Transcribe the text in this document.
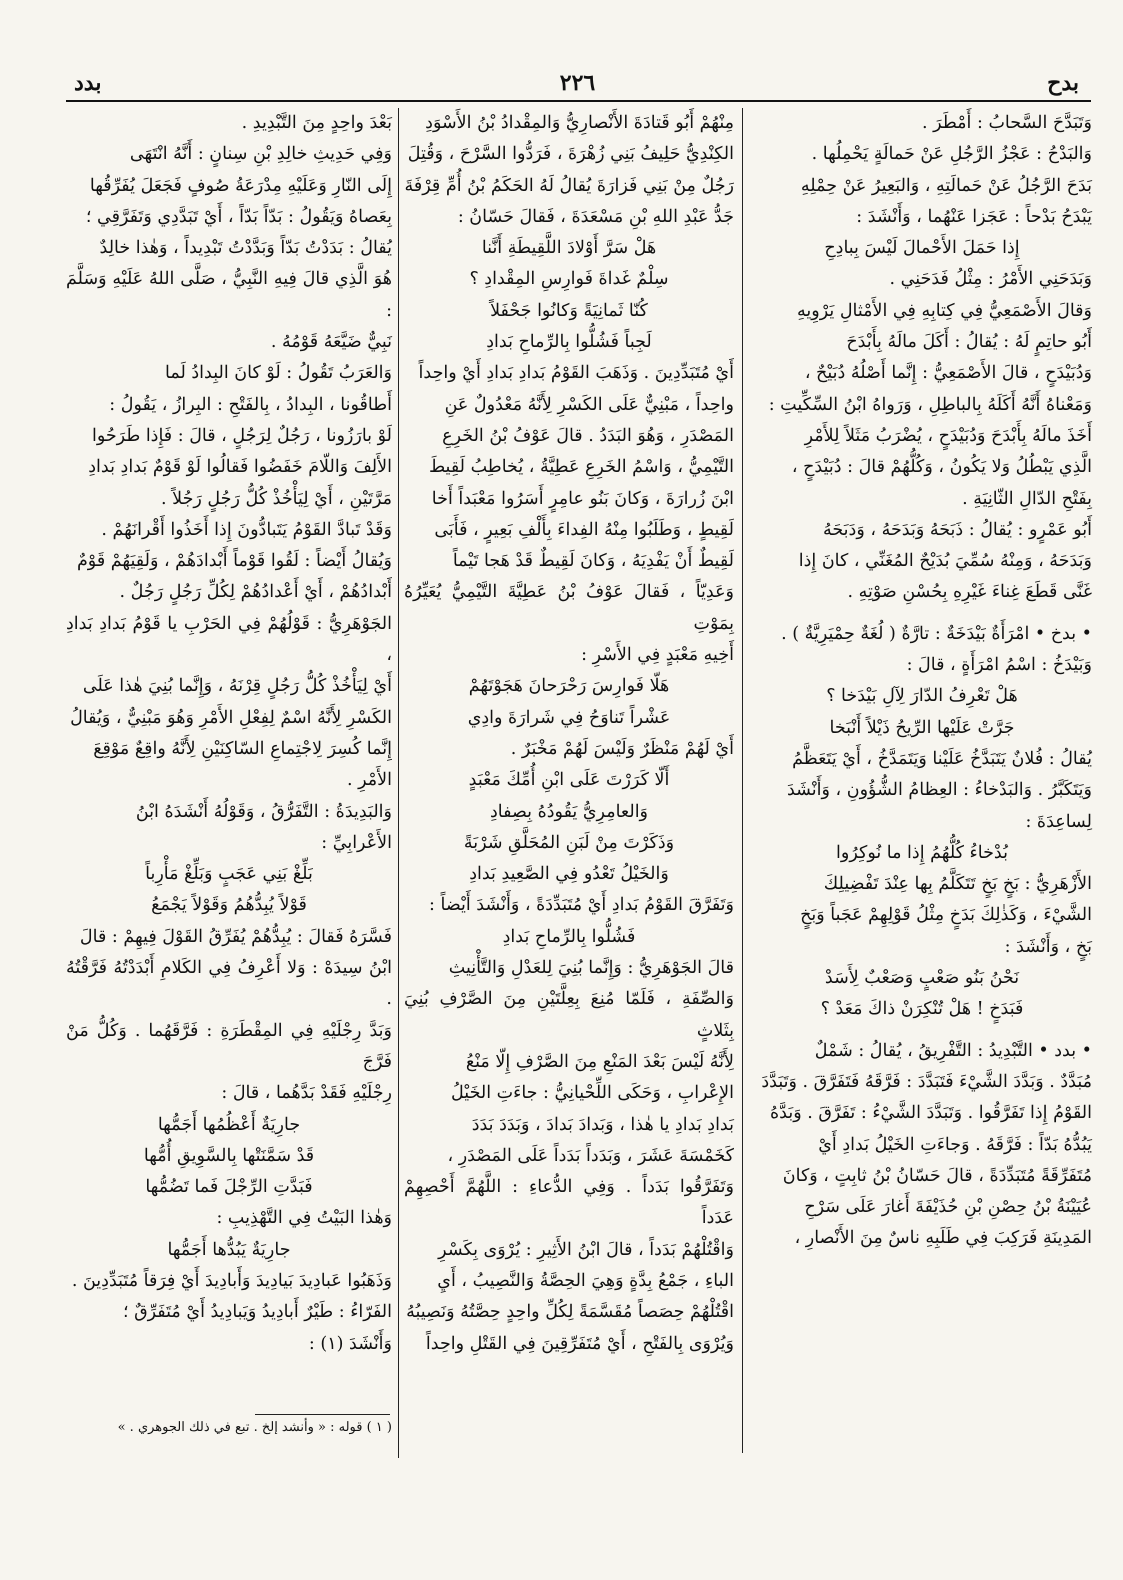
بدح
٢٢٦
بدد

وَتَبَدَّحَ السَّحابُ : أَمْطَرَ .

وَالبَدْحُ : عَجْزُ الرَّجُلِ عَنْ حَمالَةٍ يَحْمِلُها .

بَدَحَ الرَّجُلُ عَنْ حَمالَتِهِ ، وَالبَعِيرُ عَنْ حِمْلِهِ

يَبْدَحُ بَدْحاً : عَجَزا عَنْهُما ، وَأَنْشَدَ :

إِذا حَمَلَ الأَحْمالَ لَيْسَ بِبادِحِ

وَبَدَحَنِي الأَمْرُ : مِثْلُ فَدَحَنِي .

وَقالَ الأَصْمَعِيُّ فِي كِتابِهِ فِي الأَمْثالِ يَرْوِيهِ

أَبُو حاتِمٍ لَهُ : يُقالُ : أَكَلَ مالَهُ بِأَبْدَحَ

وَدُبَيْدَحٍ ، قالَ الأَصْمَعِيُّ : إِنَّما أَصْلُهُ دُبَيْحٌ ،

وَمَعْناهُ أَنَّهُ أَكَلَهُ بِالباطِلِ ، وَرَواهُ ابْنُ السِّكِّيتِ :

أَخَذَ مالَهُ بِأَبْدَحَ وَدُبَيْدَحٍ ، يُضْرَبُ مَثَلاً لِلأَمْرِ

الَّذِي يَبْطُلُ وَلا يَكُونُ ، وَكُلُّهُمْ قالَ : دُبَيْدَحٍ ،

بِفَتْحِ الدّالِ الثّانِيَةِ .

أَبُو عَمْرٍو : يُقالُ : ذَبَحَهُ وَبَدَحَهُ ، وَدَبَحَهُ

وَبَدَحَهُ ، وَمِنْهُ سُمِّيَ بُدَيْحٌ المُغَنِّي ، كانَ إِذا

غَنَّى قَطَعَ غِناءَ غَيْرِهِ بِحُسْنِ صَوْتِهِ .

• بدخ • امْرَأَةٌ بَيْدَخَةٌ : تارَّةٌ ( لُغَةٌ حِمْيَرِيَّةٌ ) .

وَبَيْدَخُ : اسْمُ امْرَأَةٍ ، قالَ :

هَلْ تَعْرِفُ الدّارَ لِآلِ بَيْدَخا ؟

جَرَّتْ عَلَيْها الرِّيحُ ذَيْلاً أَنْبَخا

يُقالُ : فُلانٌ يَتَبَدَّخُ عَلَيْنا وَيَتَمَدَّخُ ، أَيْ يَتَعَظَّمُ

وَيَتَكَبَّرُ . وَالبَدْخاءُ : العِظامُ الشُّؤُونِ ، وَأَنْشَدَ

لِساعِدَةَ :

بُدْخاءُ كُلُّهُمُ إِذا ما نُوكِرُوا

الأَزْهَرِيُّ : بَخٍ بَخٍ تَتَكَلَّمُ بِها عِنْدَ تَفْضِيلِكَ

الشَّيْءَ ، وَكَذٰلِكَ بَدَخٍ مِثْلُ قَوْلِهِمْ عَجَباً وَبَخٍ

بَخٍ ، وَأَنْشَدَ :

نَحْنُ بَنُو صَعْبٍ وَصَعْبٌ لِأَسَدْ

فَبَدَخٍ ! هَلْ تُنْكِرَنْ ذاكَ مَعَدْ ؟

• بدد • التَّبْدِيدُ : التَّفْرِيقُ ، يُقالُ : شَمْلٌ

مُبَدَّدٌ . وَبَدَّدَ الشَّيْءَ فَتَبَدَّدَ : فَرَّقَهُ فَتَفَرَّقَ . وَتَبَدَّدَ

القَوْمُ إِذا تَفَرَّقُوا . وَتَبَدَّدَ الشَّيْءُ : تَفَرَّقَ . وَبَدَّهُ

يَبُدُّهُ بَدّاً : فَرَّقَهُ . وَجاءَتِ الخَيْلُ بَدادِ أَيْ

مُتَفَرِّقَةً مُتَبَدِّدَةً ، قالَ حَسّانُ بْنُ ثابِتٍ ، وَكانَ

عُيَيْنَةُ بْنُ حِصْنِ بْنِ حُذَيْفَةَ أَغارَ عَلَى سَرْحِ

المَدِينَةِ فَرَكِبَ فِي طَلَبِهِ ناسٌ مِنَ الأَنْصارِ ،

مِنْهُمْ أَبُو قَتادَةَ الأَنْصارِيُّ وَالمِقْدادُ بْنُ الأَسْوَدِ

الكِنْدِيُّ حَلِيفُ بَنِي زُهْرَةَ ، فَرَدُّوا السَّرْحَ ، وَقُتِلَ

رَجُلٌ مِنْ بَنِي فَزارَةَ يُقالُ لَهُ الحَكَمُ بْنُ أُمِّ قِرْفَةَ

جَدُّ عَبْدِ اللهِ بْنِ مَسْعَدَةَ ، فَقالَ حَسّانُ :

هَلْ سَرَّ أَوْلادَ اللَّقِيطَةِ أَنَّنا

سِلْمٌ غَداةَ فَوارِسِ المِقْدادِ ؟

كُنّا ثَمانِيَةً وَكانُوا جَحْفَلاً

لَجِباً فَشُلُّوا بِالرِّماحِ بَدادِ

أَيْ مُتَبَدِّدِينَ . وَذَهَبَ القَوْمُ بَدادِ بَدادِ أَيْ واحِداً

واحِداً ، مَبْنِيٌّ عَلَى الكَسْرِ لِأَنَّهُ مَعْدُولٌ عَنِ

المَصْدَرِ ، وَهُوَ البَدَدُ . قالَ عَوْفُ بْنُ الخَرِعِ

التَّيْمِيُّ ، وَاسْمُ الخَرِعِ عَطِيَّةُ ، يُخاطِبُ لَقِيطَ

ابْنَ زُرارَةَ ، وَكانَ بَنُو عامِرٍ أَسَرُوا مَعْبَداً أَخا

لَقِيطٍ ، وَطَلَبُوا مِنْهُ الفِداءَ بِأَلْفِ بَعِيرٍ ، فَأَبَى

لَقِيطٌ أَنْ يَفْدِيَهُ ، وَكانَ لَقِيطٌ قَدْ هَجا تَيْماً

وَعَدِيّاً ، فَقالَ عَوْفُ بْنُ عَطِيَّةَ التَّيْمِيُّ يُعَيِّرُهُ بِمَوْتِ

أَخِيهِ مَعْبَدٍ فِي الأَسْرِ :

هَلّا فَوارِسَ رَحْرَحانَ هَجَوْتَهُمْ

عَشْراً تَناوَحُ فِي شَرارَةَ وادِي

أَيْ لَهُمْ مَنْظَرٌ وَلَيْسَ لَهُمْ مَخْبَرٌ .

أَلّا كَرَرْتَ عَلَى ابْنِ أُمِّكَ مَعْبَدٍ

وَالعامِرِيُّ يَقُودُهُ بِصِفادِ

وَذَكَرْتَ مِنْ لَبَنِ المُحَلَّقِ شَرْبَةً

وَالخَيْلُ تَعْدُو فِي الصَّعِيدِ بَدادِ

وَتَفَرَّقَ القَوْمُ بَدادِ أَيْ مُتَبَدِّدَةً ، وَأَنْشَدَ أَيْضاً :

فَشُلُّوا بِالرِّماحِ بَدادِ

قالَ الجَوْهَرِيُّ : وَإِنَّما بُنِيَ لِلعَدْلِ وَالتَّأْنِيثِ

وَالصِّفَةِ ، فَلَمّا مُنِعَ بِعِلَّتَيْنِ مِنَ الصَّرْفِ بُنِيَ بِثَلاثٍ

لِأَنَّهُ لَيْسَ بَعْدَ المَنْعِ مِنَ الصَّرْفِ إِلّا مَنْعُ

الإِعْرابِ ، وَحَكَى اللِّحْيانِيُّ : جاءَتِ الخَيْلُ

بَدادِ بَدادِ يا هٰذا ، وَبَدادَ بَدادَ ، وَبَدَدَ بَدَدَ

كَخَمْسَةَ عَشَرَ ، وَبَدَداً بَدَداً عَلَى المَصْدَرِ ،

وَتَفَرَّقُوا بَدَداً . وَفِي الدُّعاءِ : اللَّهُمَّ أَحْصِهِمْ عَدَداً

وَاقْتُلْهُمْ بَدَداً ، قالَ ابْنُ الأَثِيرِ : يُرْوَى بِكَسْرِ

الباءِ ، جَمْعُ بِدَّةٍ وَهِيَ الحِصَّةُ وَالنَّصِيبُ ، أَيِ

اقْتُلْهُمْ حِصَصاً مُقَسَّمَةً لِكُلِّ واحِدٍ حِصَّتُهُ وَنَصِيبُهُ

وَيُرْوَى بِالفَتْحِ ، أَيْ مُتَفَرِّقِينَ فِي القَتْلِ واحِداً

بَعْدَ واحِدٍ مِنَ التَّبْدِيدِ .

وَفِي حَدِيثِ خالِدِ بْنِ سِنانٍ : أَنَّهُ انْتَهَى

إِلَى النّارِ وَعَلَيْهِ مِدْرَعَةُ صُوفٍ فَجَعَلَ يُفَرِّقُها

بِعَصاهُ وَيَقُولُ : بَدّاً بَدّاً ، أَيْ تَبَدَّدِي وَتَفَرَّقِي ؛

يُقالُ : بَدَدْتُ بَدّاً وَبَدَّدْتُ تَبْدِيداً ، وَهٰذا خالِدٌ

هُوَ الَّذِي قالَ فِيهِ النَّبِيُّ ، صَلَّى اللهُ عَلَيْهِ وَسَلَّمَ :

نَبِيٌّ ضَيَّعَهُ قَوْمُهُ .

وَالعَرَبُ تَقُولُ : لَوْ كانَ البِدادُ لَما

أَطاقُونا ، البِدادُ ، بِالفَتْحِ : البِرازُ ، يَقُولُ :

لَوْ بارَزُونا ، رَجُلٌ لِرَجُلٍ ، قالَ : فَإِذا طَرَحُوا

الأَلِفَ وَاللّامَ خَفَضُوا فَقالُوا لَوْ قَوْمٌ بَدادِ بَدادِ

مَرَّتَيْنِ ، أَيْ لِيَأْخُذْ كُلُّ رَجُلٍ رَجُلاً .

وَقَدْ تَبادَّ القَوْمُ يَتَبادُّونَ إِذا أَخَذُوا أَقْرانَهُمْ .

وَيُقالُ أَيْضاً : لَقُوا قَوْماً أَبْدادَهُمْ ، وَلَقِيَهُمْ قَوْمٌ

أَبْدادُهُمْ ، أَيْ أَعْدادُهُمْ لِكُلِّ رَجُلٍ رَجُلٌ .

الجَوْهَرِيُّ : قَوْلُهُمْ فِي الحَرْبِ يا قَوْمُ بَدادِ بَدادِ ،

أَيْ لِيَأْخُذْ كُلُّ رَجُلٍ قِرْنَهُ ، وَإِنَّما بُنِيَ هٰذا عَلَى

الكَسْرِ لِأَنَّهُ اسْمٌ لِفِعْلِ الأَمْرِ وَهُوَ مَبْنِيٌّ ، وَيُقالُ

إِنَّما كُسِرَ لِاجْتِماعِ السّاكِنَيْنِ لِأَنَّهُ واقِعٌ مَوْقِعَ

الأَمْرِ .

وَالبَدِيدَةُ : التَّفَرُّقُ ، وَقَوْلُهُ أَنْشَدَهُ ابْنُ

الأَعْرابِيِّ :

بَلِّغْ بَنِي عَجَبٍ وَبَلِّغْ مَأْرِباً

قَوْلاً يُبِدُّهُمُ وَقَوْلاً يَجْمَعُ

فَسَّرَهُ فَقالَ : يُبِدُّهُمْ يُفَرِّقُ القَوْلَ فِيهِمْ : قالَ

ابْنُ سِيدَهْ : وَلا أَعْرِفُ فِي الكَلامِ أَبْدَدْتُهُ فَرَّقْتُهُ .

وَبَدَّ رِجْلَيْهِ فِي المِقْطَرَةِ : فَرَّقَهُما . وَكُلُّ مَنْ فَرَّجَ

رِجْلَيْهِ فَقَدْ بَدَّهُما ، قالَ :

جارِيَةٌ أَعْظُمُها أَجَمُّها

قَدْ سَمَّنَتْها بِالسَّوِيقِ أُمُّها

فَبَدَّتِ الرِّجْلَ فَما تَضُمُّها

وَهٰذا البَيْتُ فِي التَّهْذِيبِ :

جارِيَةٌ يَبُدُّها أَجَمُّها

وَذَهَبُوا عَبادِيدَ بَيادِيدَ وَأَبادِيدَ أَيْ فِرَقاً مُتَبَدِّدِينَ .

الفَرّاءُ : طَيْرٌ أَبادِيدُ وَيَبادِيدُ أَيْ مُتَفَرِّقٌ ؛

وَأَنْشَدَ (١) :

( ١ ) قوله : « وأنشد إلخ . تبع في ذلك الجوهري . »
